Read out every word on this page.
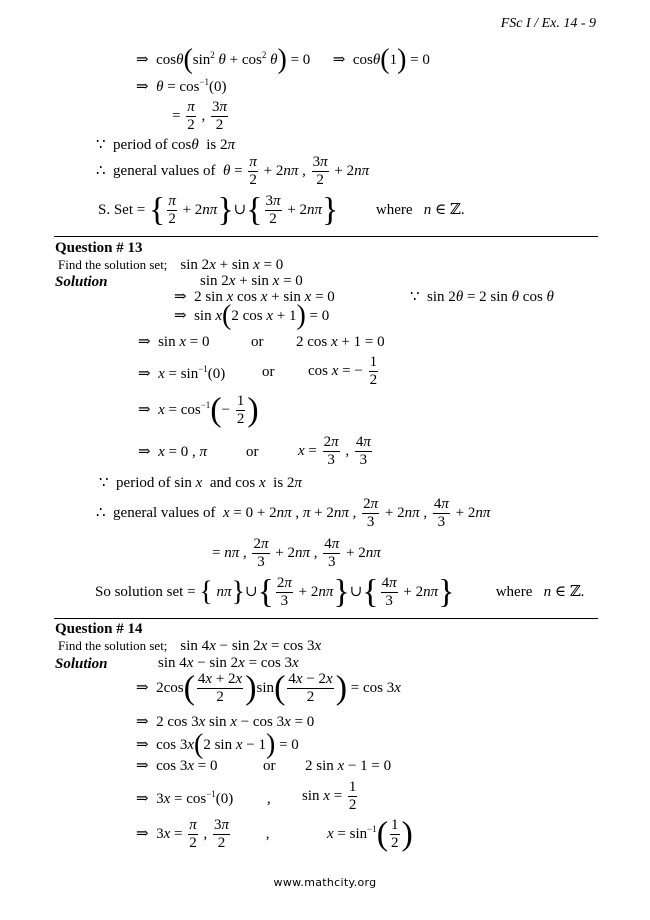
FSc I / Ex. 14 - 9
⇒  $\cos\theta(\sin^2$ $\theta + \cos^2 \theta) = 0$      ⇒  cosθ(1) = 0
⇒  $\theta = \cos^{-1}(0)$
= $\frac{\pi}{2}$ , $\frac{3\pi}{2}$
∵  period of cosθ is 2π
∴  general values of $\theta = \frac{\pi}{2} + 2n\pi$ , $\frac{3\pi}{2} + 2n\pi$
S. Set = { $\frac{\pi}{2}$ + 2nπ}∪{ $\frac{3\pi}{2} + 2n\pi$}	where n ∈ ℤ.
Question # 13
Find the solution set; sin 2x + sin x = 0
Solution	sin 2x + sin x = 0
⇒  2 sin x cos x + sin x = 0	∵  sin 2θ = 2 sin θ cos θ
⇒  sin x(2 cos x + 1) = 0
⇒  sin x = 0	or 2 cos x + 1 = 0
⇒  $x = \sin^{-1}(0)$ or cos x = − $\frac{1}{2}$
⇒  $x = \cos^{-1}(- \frac{1}{2}$ )
⇒  x = 0 , π	or	$x = \frac{2\pi}{3}$ , $\frac{4\pi}{3}$
∵  period of sin x and cos x is 2π
∴  general values of x = 0 + 2nπ , π + 2nπ , $\frac{2\pi}{3} + 2n\pi$ , $\frac{4\pi}{3} + 2n\pi$
= nπ , $\frac{2\pi}{3} + 2n\pi$ , $\frac{4\pi}{3} + 2n\pi$
So solution set = { nπ}∪{ $\frac{2\pi}{3}$ + 2nπ}∪{ $\frac{4\pi}{3} + 2n\pi$}	where n ∈ ℤ.
Question # 14
Find the solution set; sin 4x − sin 2x = cos 3x
Solution	sin 4x − sin 2x = cos 3x
⇒  $2\cos( \frac{4x + 2x}{2} )\sin( \frac{4x - 2x}{2}$ ) = cos 3x
⇒  2 cos 3x sin x − cos 3x = 0
⇒  cos 3x(2 sin x − 1) = 0
⇒  cos 3x = 0	or 2 sin x − 1 = 0
⇒  $3x = \cos^{-1}(0)$         , $\sin x = \frac{1}{2}$
⇒  $3x = \frac{\pi}{2}$ , $\frac{3\pi}{2}$ ,	$x = \sin^{-1}( \frac{1}{2}$ )
www.mathcity.org
